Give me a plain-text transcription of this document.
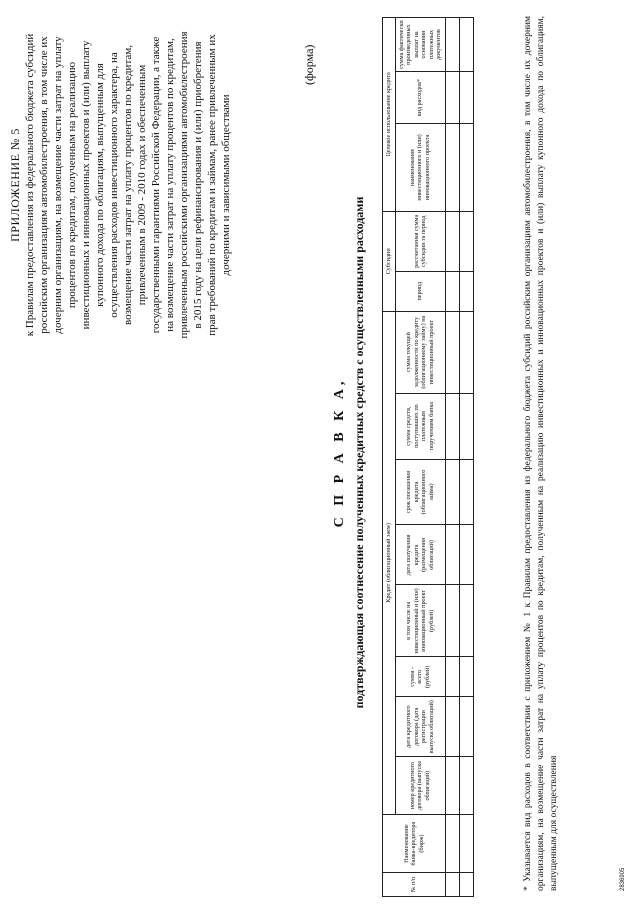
ПРИЛОЖЕНИЕ № 5 к Правилам предоставления из федерального бюджета субсидий российским организациям автомобилестроения, в том числе их дочерним организациям, на возмещение части затрат на уплату процентов по кредитам, полученным на реализацию инвестиционных и инновационных проектов и (или) выплату купонного дохода по облигациям, выпущенным для осуществления расходов инвестиционного характера, на возмещение части затрат на уплату процентов по кредитам, привлеченным в 2009 - 2010 годах и обеспеченным государственными гарантиями Российской Федерации, а также на возмещение части затрат на уплату процентов по кредитам, привлеченным российскими организациями автомобилестроения в 2015 году на цели рефинансирования и (или) приобретения прав требований по кредитам и займам, ранее привлеченным их дочерними и зависимыми обществами
(форма)
С П Р А В К А, подтверждающая соотнесение полученных кредитных средств с осуществленными расходами
№ п/п	Наименование банка-кредитора (бирж)	Кредит (облигационный заем)								Субсидии		Целевое использование кредита		
		номер кредитного договора (выпуска облигаций)	дата кредитного договора (дата регистрации выпуска облигаций)	сумма - всего (рублей)	в том числе на инвестиционный и (или) инновационный проект (рублей)	дата получения кредита (размещения облигаций)	срок погашения кредита (облигационного займа)	сумма средств, поступивших по платежным поручениям банка	сумма текущей задолженности по кредиту (облигационному займу) на инвестиционный проект	период	рассчитанная сумма субсидии за период	наименование инвестиционного и (или) инновационного проекта	вид расходов*	сумма фактически произведенных выплат на основании платежных документов

															* Указывается вид расходов в соответствии с приложением № 1 к Правилам предоставления из федерального бюджета субсидий российским организациям автомобилестроения, в том числе их дочерним организациям, на возмещение части затрат на уплату процентов по кредитам, полученным на реализацию инвестиционных и инновационных проектов и (или) выплату купонного дохода по облигациям, выпущенным для осуществления	2836905
